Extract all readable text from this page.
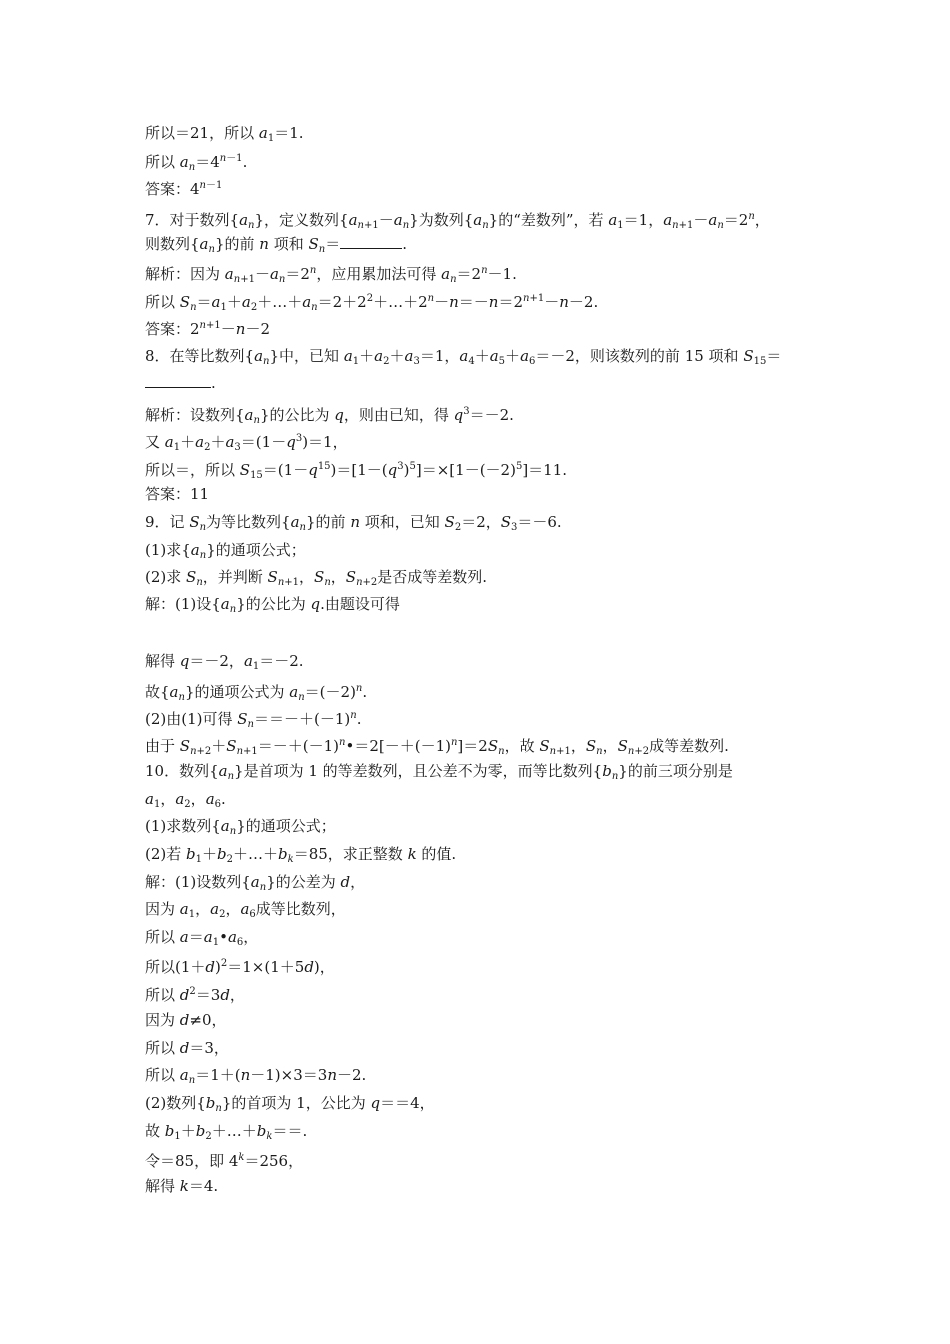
所以＝21，所以 $a_1=1$.
所以 $a_n=4^{n-1}$.
答案：$4^{n-1}$
7．对于数列$\{a_n\}$，定义数列$\{a_{n+1}-a_n\}$为数列$\{a_n\}$的“差数列”，若 $a_1=1$，$a_{n+1}-a_n=2^n$，
则数列$\{a_n\}$的前 n 项和 $S_n=$	.
解析：因为 $a_{n+1}-a_n=2^n$，应用累加法可得 $a_n=2^n-1$.
所以 $S_n=a_1+a_2+\dots+a_n=2+2^2+\dots+2^n-n=-n=2^{n+1}-n-2$.
答案：$2^{n+1}-n-2$
8．在等比数列$\{a_n\}$中，已知 $a_1+a_2+a_3=1$，$a_4+a_5+a_6=-2$，则该数列的前 15 项和 $S_{15}=$
.
解析：设数列$\{a_n\}$的公比为 q，则由已知，得 $q^3=-2$.
又 $a_1+a_2+a_3=(1-q^3)=1$，
所以＝，所以 $S_{15}=(1-q^{15})=[1-(q^3)^5]=\times[1-(-2)^5]=11$.
答案：11
9．记 $S_n$为等比数列$\{a_n\}$的前 n 项和，已知 $S_2=2$，$S_3=-6$.
(1)求$\{a_n\}$的通项公式；
(2)求 $S_n$，并判断 $S_{n+1}$，$S_n$，$S_{n+2}$是否成等差数列.
解：(1)设$\{a_n\}$的公比为 q.由题设可得
解得 q＝－2，$a_1=-2$.
故$\{a_n\}$的通项公式为 $a_n=(-2)^n$.
(2)由(1)可得 $S_n==-+(-1)^n$.
由于 $S_{n+2}+S_{n+1}=-+(-1)^n•=2[-+(-1)^n]=2S_n$，故 $S_{n+1}$，$S_n$，$S_{n+2}$成等差数列.
10．数列$\{a_n\}$是首项为 1 的等差数列，且公差不为零，而等比数列$\{b_n\}$的前三项分别是
$a_1$，$a_2$，$a_6$.
(1)求数列$\{a_n\}$的通项公式；
(2)若 $b_1+b_2+\dots+b_k=85$，求正整数 k 的值.
解：(1)设数列$\{a_n\}$的公差为 d，
因为 $a_1$，$a_2$，$a_6$成等比数列，
所以 $a=a_1•a_6$，
所以$(1+d)^2=1\times(1+5d)$，
所以 $d^2=3d$，
因为 d≠0，
所以 d＝3，
所以 $a_n=1+(n-1)\times 3=3n-2$.
(2)数列$\{b_n\}$的首项为 1，公比为 q＝＝4，
故 $b_1+b_2+\dots+b_k==$.
令＝85，即 $4^k=256$，
解得 k＝4.
